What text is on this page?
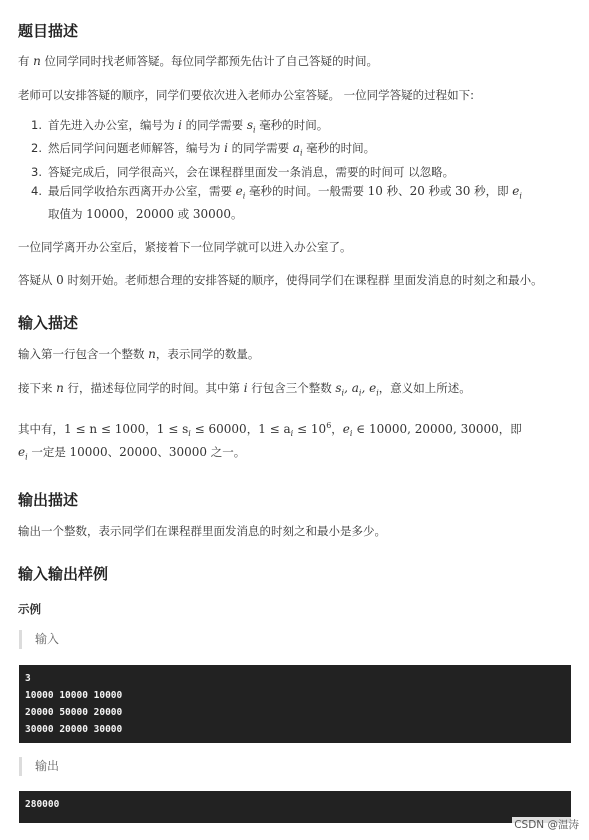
题目描述

有 n 位同学同时找老师答疑。每位同学都预先估计了自己答疑的时间。

老师可以安排答疑的顺序，同学们要依次进入老师办公室答疑。 一位同学答疑的过程如下:

1. 首先进入办公室，编号为 i 的同学需要 $s_i$ 毫秒的时间。
2. 然后同学问问题老师解答，编号为 i 的同学需要 $a_i$ 毫秒的时间。
3. 答疑完成后，同学很高兴，会在课程群里面发一条消息，需要的时间可 以忽略。
4. 最后同学收拾东西离开办公室，需要 $e_i$ 毫秒的时间。一般需要 10 秒、20 秒或 30 秒，即 $e_i$
取值为 10000，20000 或 30000。

一位同学离开办公室后，紧接着下一位同学就可以进入办公室了。

答疑从 0 时刻开始。老师想合理的安排答疑的顺序，使得同学们在课程群 里面发消息的时刻之和最小。

输入描述

输入第一行包含一个整数 n，表示同学的数量。

接下来 n 行，描述每位同学的时间。其中第 i 行包含三个整数 $s_i$, $a_i$, $e_i$，意义如上所述。

其中有，1 ≤ n ≤ 1000，$1 \le s_i \le 60000$，$1 \le a_i \le 10^6$，$e_i$ ∈ 10000, 20000, 30000，即
$e_i$ 一定是 10000、20000、30000 之一。

输出描述

输出一个整数，表示同学们在课程群里面发消息的时刻之和最小是多少。

输入输出样例

示例

输入
3
10000 10000 10000
20000 50000 20000
30000 20000 30000
输出
280000
CSDN @温涛
